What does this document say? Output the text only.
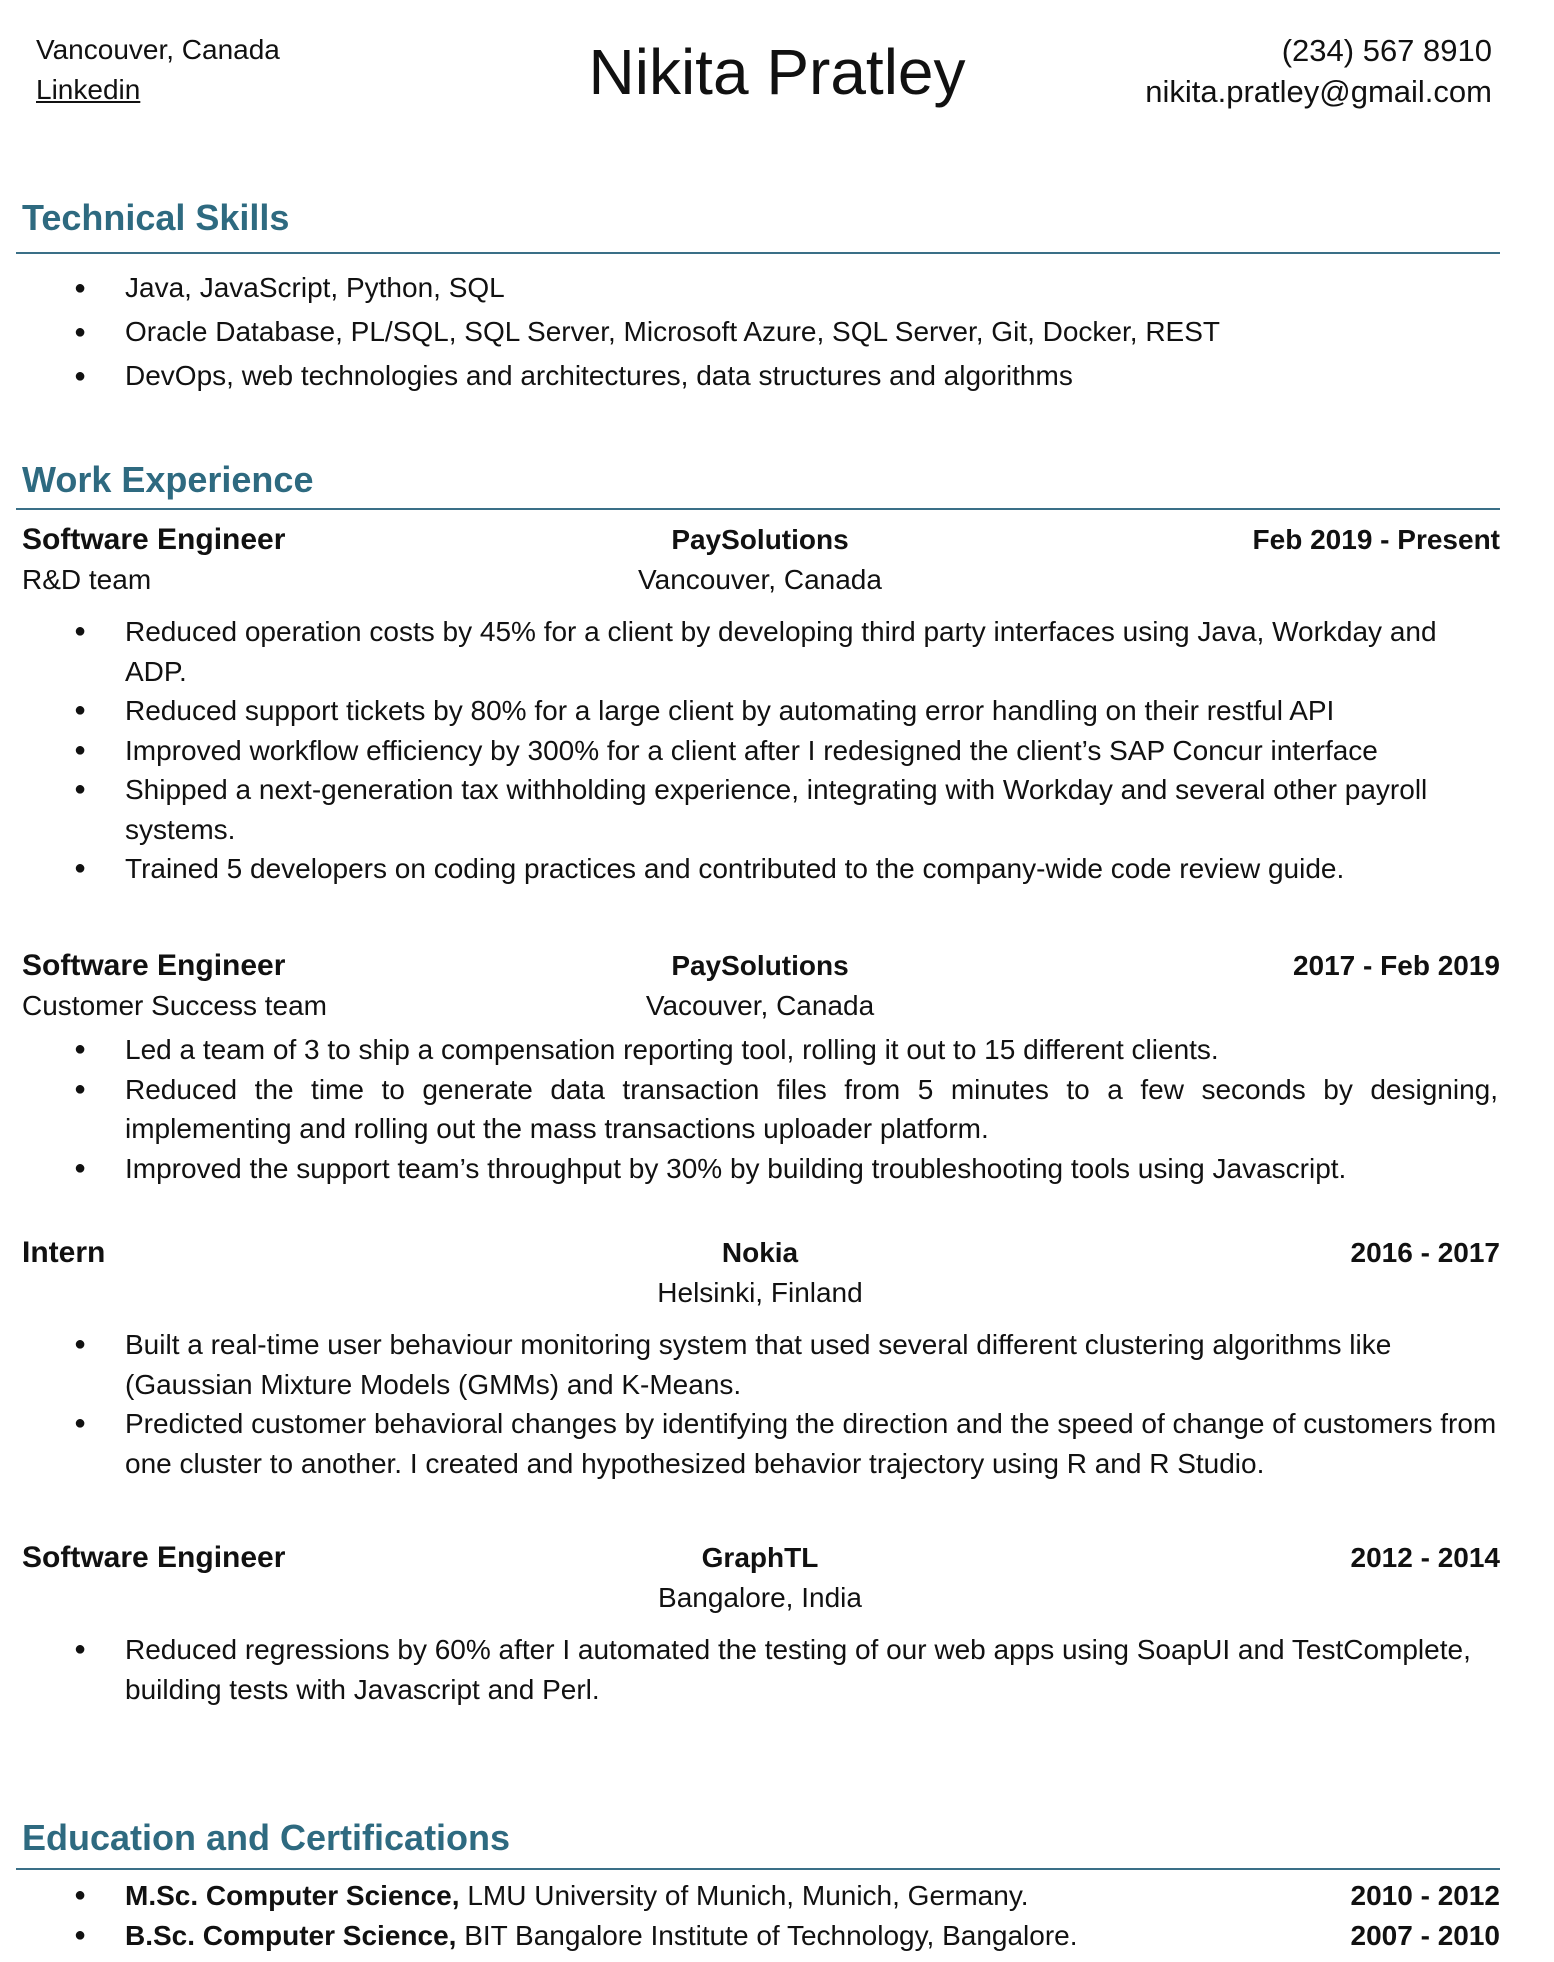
Vancouver, Canada
Linkedin	Nikita Pratley	(234) 567 8910
nikita.pratley@gmail.com
Technical Skills
● Java, JavaScript, Python, SQL
● Oracle Database, PL/SQL, SQL Server, Microsoft Azure, SQL Server, Git, Docker, REST
● DevOps, web technologies and architectures, data structures and algorithms
Work Experience
Software Engineer	PaySolutions	Feb 2019 - Present
R&D team	Vancouver, Canada
● Reduced operation costs by 45% for a client by developing third party interfaces using Java, Workday and ADP.
● Reduced support tickets by 80% for a large client by automating error handling on their restful API
● Improved workflow efficiency by 300% for a client after I redesigned the client’s SAP Concur interface
● Shipped a next-generation tax withholding experience, integrating with Workday and several other payroll systems.
● Trained 5 developers on coding practices and contributed to the company-wide code review guide.
Software Engineer	PaySolutions	2017 - Feb 2019
Customer Success team	Vacouver, Canada
● Led a team of 3 to ship a compensation reporting tool, rolling it out to 15 different clients.
● Reduced the time to generate data transaction files from 5 minutes to a few seconds by designing, implementing and rolling out the mass transactions uploader platform.
● Improved the support team’s throughput by 30% by building troubleshooting tools using Javascript.
Intern	Nokia	2016 - 2017
Helsinki, Finland
● Built a real-time user behaviour monitoring system that used several different clustering algorithms like (Gaussian Mixture Models (GMMs) and K-Means.
● Predicted customer behavioral changes by identifying the direction and the speed of change of customers from one cluster to another. I created and hypothesized behavior trajectory using R and R Studio.
Software Engineer	GraphTL	2012 - 2014
Bangalore, India
● Reduced regressions by 60% after I automated the testing of our web apps using SoapUI and TestComplete, building tests with Javascript and Perl.
Education and Certifications
● M.Sc. Computer Science, LMU University of Munich, Munich, Germany.	2010 - 2012
● B.Sc. Computer Science, BIT Bangalore Institute of Technology, Bangalore.	2007 - 2010
